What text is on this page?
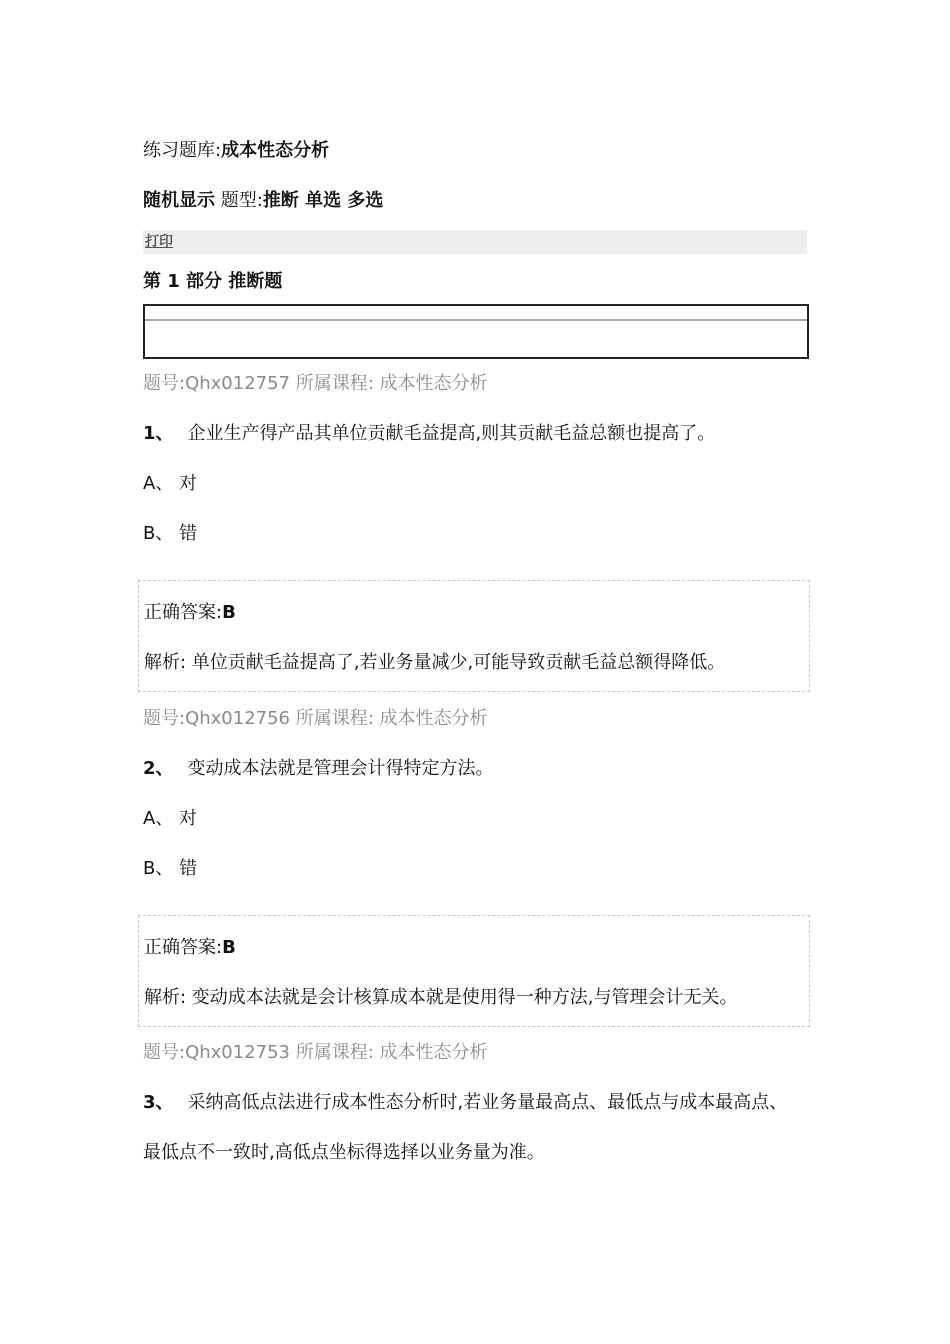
练习题库:成本性态分析
随机显示 题型:推断 单选 多选
打印
第 1 部分 推断题
题号:Qhx012757 所属课程: 成本性态分析
1、 企业生产得产品其单位贡献毛益提高,则其贡献毛益总额也提高了。
A、 对
B、 错
正确答案:B
解析: 单位贡献毛益提高了,若业务量减少,可能导致贡献毛益总额得降低。
题号:Qhx012756 所属课程: 成本性态分析
2、 变动成本法就是管理会计得特定方法。
A、 对
B、 错
正确答案:B
解析: 变动成本法就是会计核算成本就是使用得一种方法,与管理会计无关。
题号:Qhx012753 所属课程: 成本性态分析
3、 采纳高低点法进行成本性态分析时,若业务量最高点、最低点与成本最高点、
最低点不一致时,高低点坐标得选择以业务量为准。
